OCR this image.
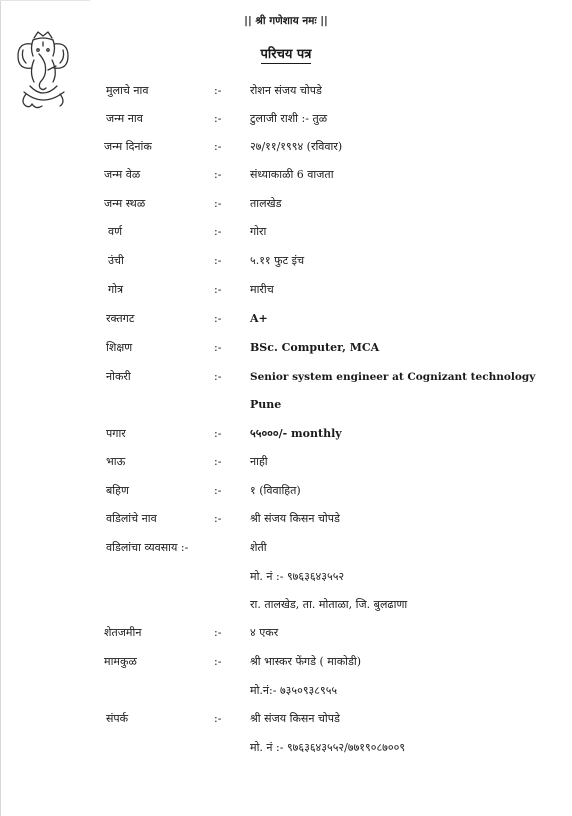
|| श्री गणेशाय नमः ||
परिचय पत्र
मुलाचे नाव	:-	रोशन संजय चोपडे
जन्म नाव	:-	टुलाजी राशी :- तुळ
जन्म दिनांक	:-	२७/११/१९९४ (रविवार)
जन्म वेळ	:-	संध्याकाळी 6 वाजता
जन्म स्थळ	:-	तालखेड
वर्ण	:-	गोरा
उंची	:-	५.११ फुट इंच
गोत्र	:-	मारीच
रक्तगट	:-	A+
शिक्षण	:-	BSc. Computer, MCA
नोकरी	:-	Senior system engineer at Cognizant technology
Pune
पगार	:-	५५०००/- monthly
भाऊ	:-	नाही
बहिण	:-	१ (विवाहित)
वडिलांचे नाव	:-	श्री संजय किसन चोपडे
वडिलांचा व्यवसाय :-	शेती
मो. नं :- ९७६३६४३५५२
रा. तालखेड, ता. मोताळा, जि. बुलढाणा
शेतजमीन	:-	४ एकर
मामकुळ	:-	श्री भास्कर फेंगडे ( माकोडी)
मो.नं:- ७३५०९३८९५५
संपर्क	:-	श्री संजय किसन चोपडे
मो. नं :- ९७६३६४३५५२/७७१९०८७००९
